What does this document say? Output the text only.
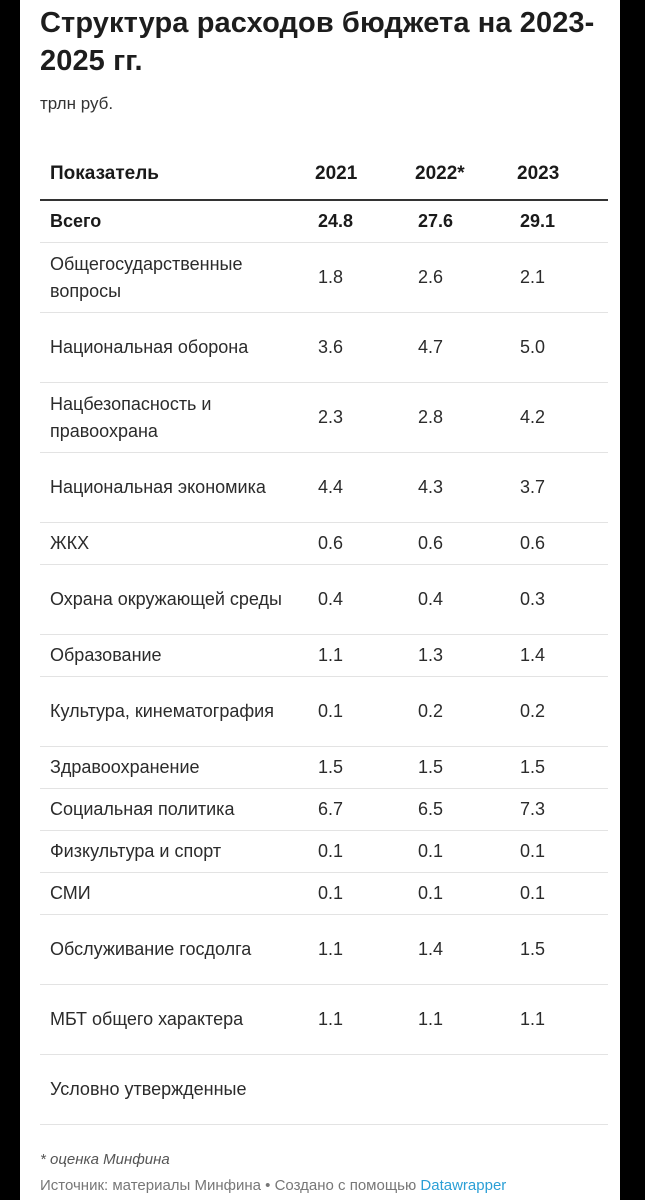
Структура расходов бюджета на 2023-2025 гг.
трлн руб.
Показатель	2021	2022*	2023
Всего	24.8	27.6	29.1
Общегосударственные вопросы	1.8	2.6	2.1
Национальная оборона	3.6	4.7	5.0
Нацбезопасность и правоохрана	2.3	2.8	4.2
Национальная экономика	4.4	4.3	3.7
ЖКХ	0.6	0.6	0.6
Охрана окружающей среды	0.4	0.4	0.3
Образование	1.1	1.3	1.4
Культура, кинематография	0.1	0.2	0.2
Здравоохранение	1.5	1.5	1.5
Социальная политика	6.7	6.5	7.3
Физкультура и спорт	0.1	0.1	0.1
СМИ	0.1	0.1	0.1
Обслуживание госдолга	1.1	1.4	1.5
МБТ общего характера	1.1	1.1	1.1
Условно утвержденные			
* оценка Минфина
Источник: материалы Минфина • Создано с помощью Datawrapper
